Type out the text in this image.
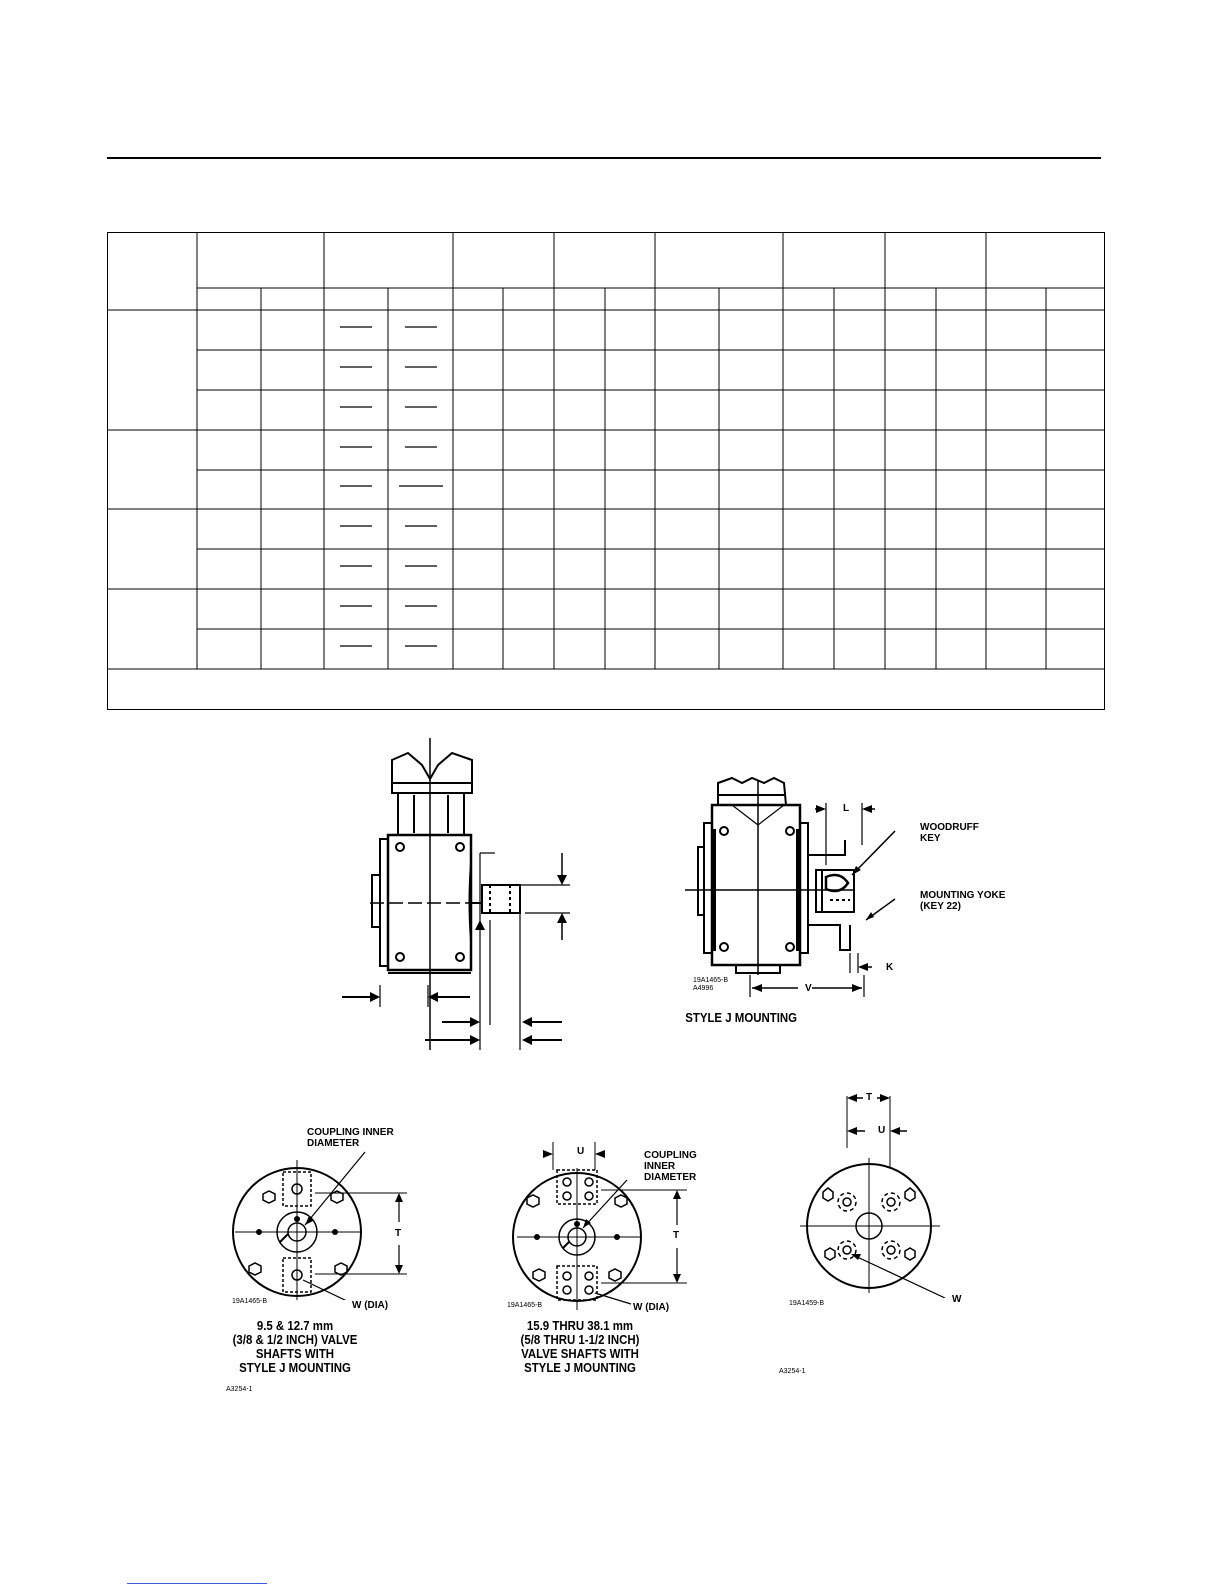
L
WOODRUFF
KEY
MOUNTING YOKE
(KEY 22)
19A1465-B
A4996
K
V
STYLE J MOUNTING
COUPLING INNER
DIAMETER
T
W (DIA)
19A1465-B
9.5 & 12.7 mm
(3/8 & 1/2 INCH) VALVE
SHAFTS WITH
STYLE J MOUNTING
A3254-1
U	COUPLING
INNER
DIAMETER
T
W (DIA)
19A1465-B
15.9 THRU 38.1 mm
(5/8 THRU 1-1/2 INCH)
VALVE SHAFTS WITH
STYLE J MOUNTING
T
U
W
19A1459-B
A3254-1
